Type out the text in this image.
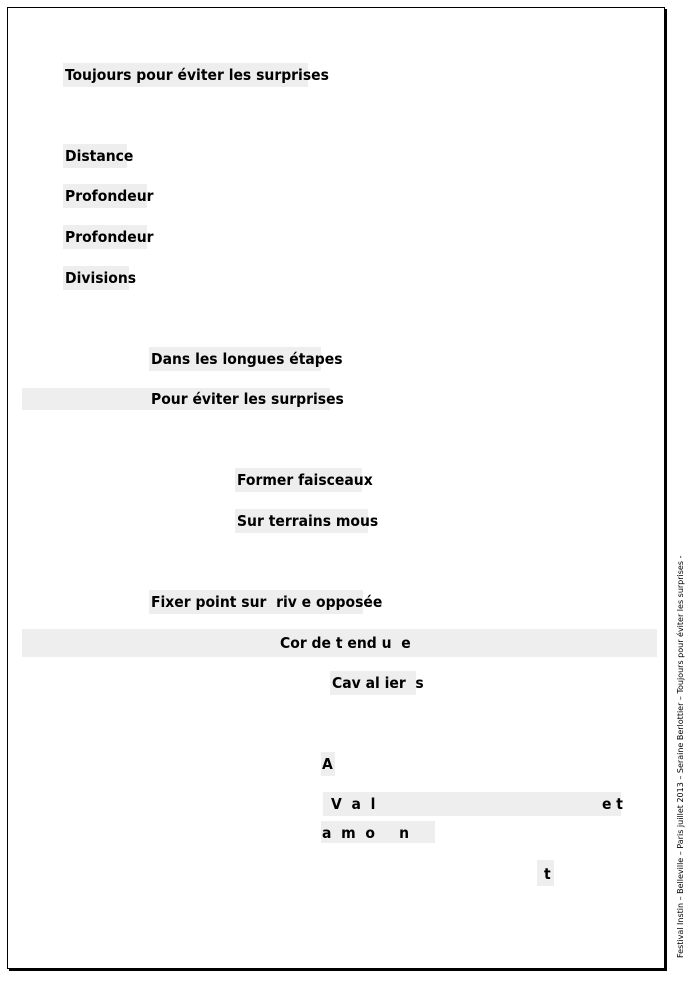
Toujours pour éviter les surprises
Distance
Profondeur
Profondeur
Divisions
Dans les longues étapes
Pour éviter les surprises
Former faisceaux
Sur terrains mous
Fixer point sur  riv e opposée
Cor de t end u  e
Cav al ier  s
A
V  a  l	e t
a  m  o     n
t	Festival Instin – Belleville – Paris juillet 2013 – Seraine Berlottier – Toujours pour éviter les surprises -
